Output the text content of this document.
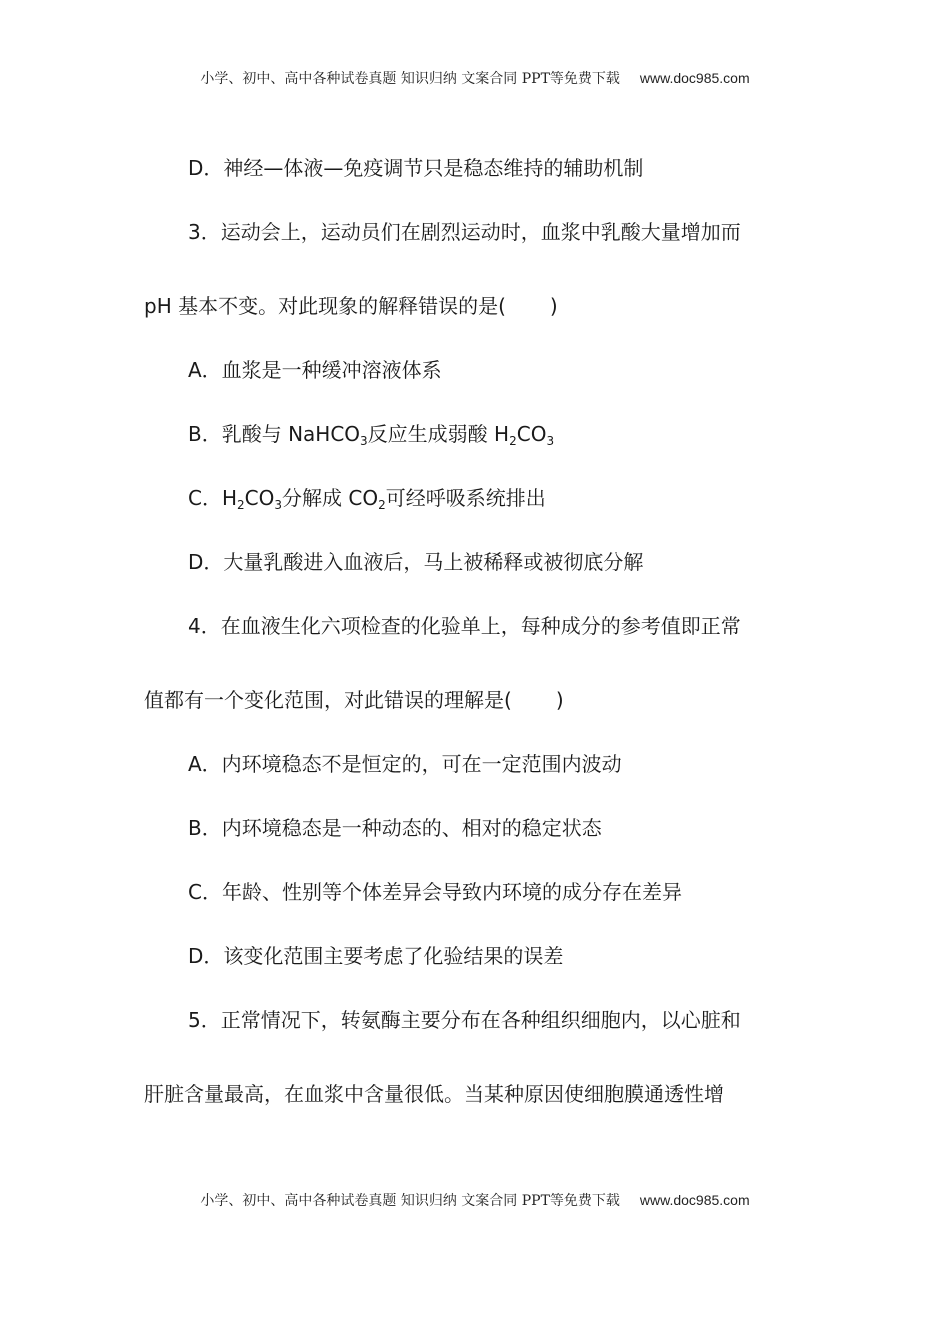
小学、初中、高中各种试卷真题 知识归纳 文案合同 PPT等免费下载 www.doc985.com
D．神经—体液—免疫调节只是稳态维持的辅助机制
3．运动会上，运动员们在剧烈运动时，血浆中乳酸大量增加而
pH 基本不变。对此现象的解释错误的是( )
A．血浆是一种缓冲溶液体系
B．乳酸与 NaHCO$_3$反应生成弱酸 $H_2CO_3$
C．$H_2CO_3$分解成 $CO_2$可经呼吸系统排出
D．大量乳酸进入血液后，马上被稀释或被彻底分解
4．在血液生化六项检查的化验单上，每种成分的参考值即正常
值都有一个变化范围，对此错误的理解是( )
A．内环境稳态不是恒定的，可在一定范围内波动
B．内环境稳态是一种动态的、相对的稳定状态
C．年龄、性别等个体差异会导致内环境的成分存在差异
D．该变化范围主要考虑了化验结果的误差
5．正常情况下，转氨酶主要分布在各种组织细胞内，以心脏和
肝脏含量最高，在血浆中含量很低。当某种原因使细胞膜通透性增
小学、初中、高中各种试卷真题 知识归纳 文案合同 PPT等免费下载 www.doc985.com
